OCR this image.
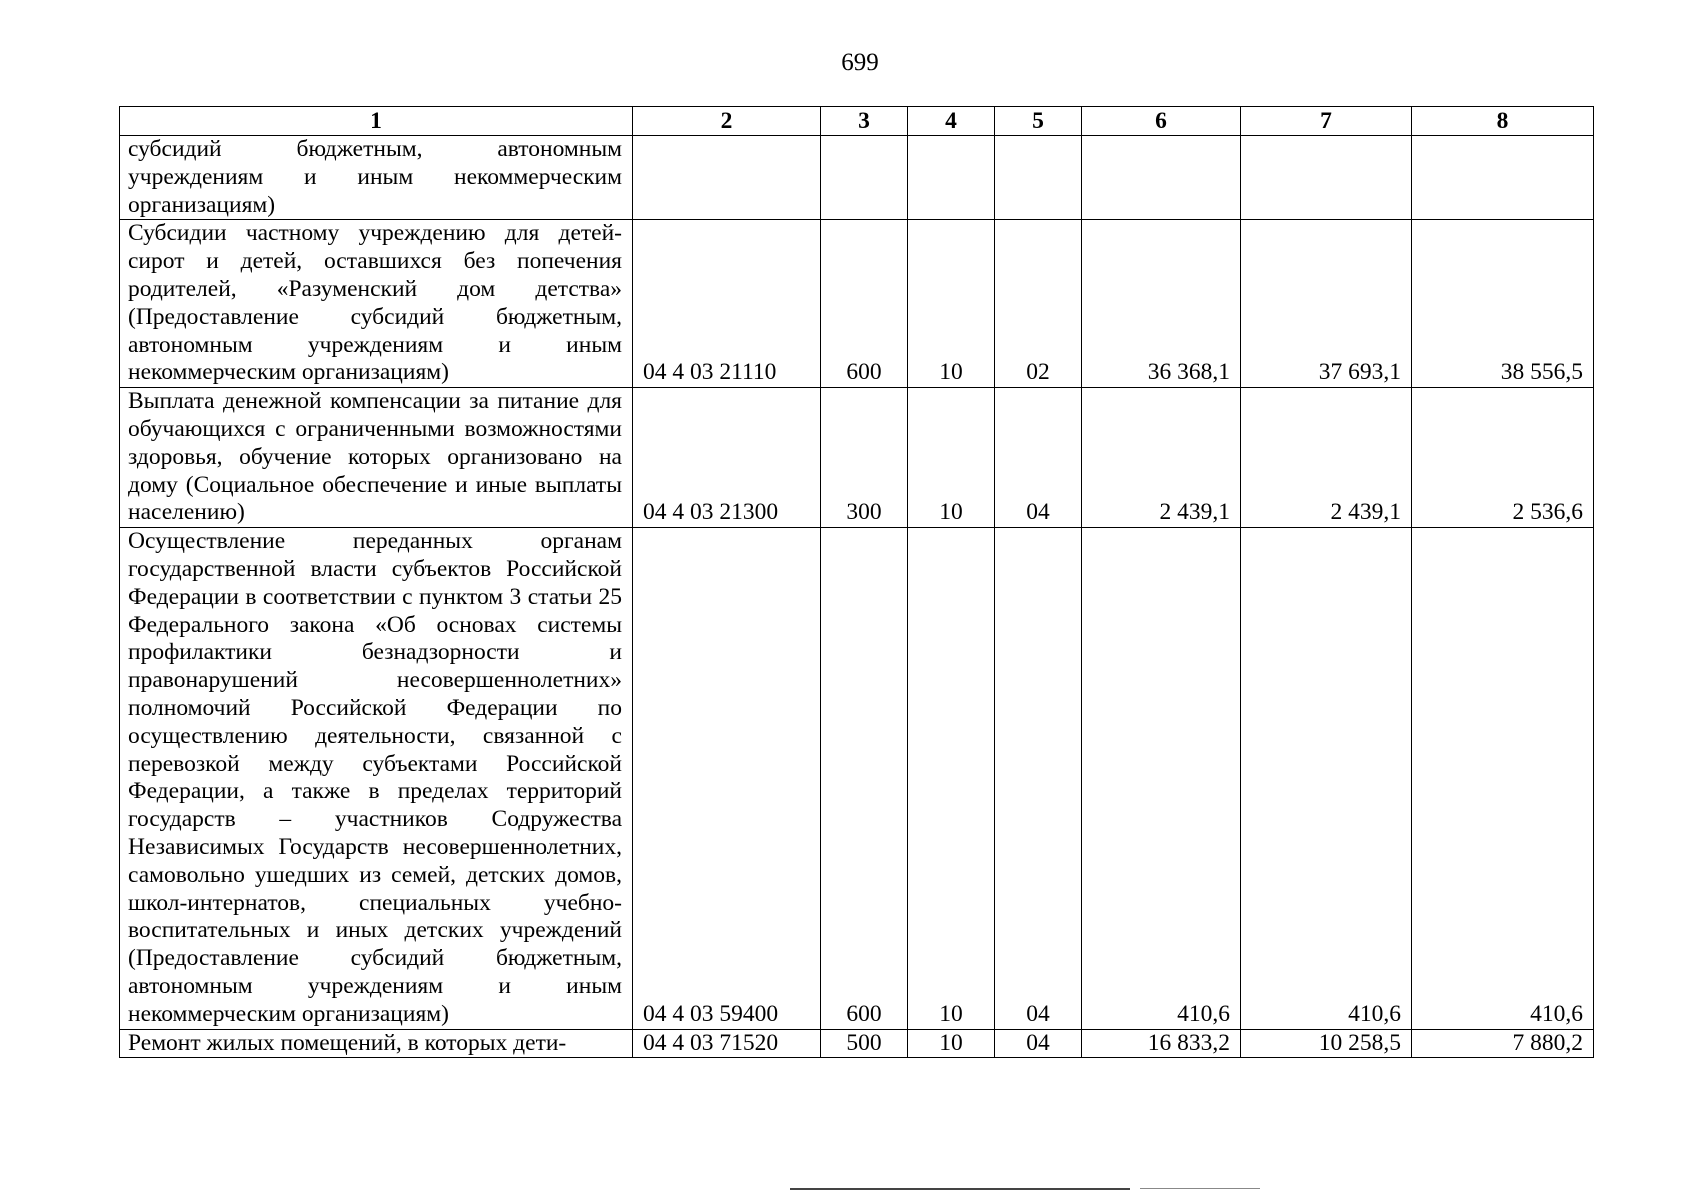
699
1	2	3	4	5	6	7	8
субсидий бюджетным, автономным учреждениям и иным некоммерческим организациям)							
Субсидии частному учреждению для детей-сирот и детей, оставшихся без попечения родителей, «Разуменский дом детства» (Предоставление субсидий бюджетным, автономным учреждениям и иным некоммерческим организациям)	04 4 03 21110	600	10	02	36 368,1	37 693,1	38 556,5
Выплата денежной компенсации за питание для обучающихся с ограниченными возможностями здоровья, обучение которых организовано на дому (Социальное обеспечение и иные выплаты населению)	04 4 03 21300	300	10	04	2 439,1	2 439,1	2 536,6
Осуществление переданных органам государственной власти субъектов Российской Федерации в соответствии с пунктом 3 статьи 25 Федерального закона «Об основах системы профилактики безнадзорности и правонарушений несовершеннолетних» полномочий Российской Федерации по осуществлению деятельности, связанной с перевозкой между субъектами Российской Федерации, а также в пределах территорий государств – участников Содружества Независимых Государств несовершеннолетних, самовольно ушедших из семей, детских домов, школ-интернатов, специальных учебно-воспитательных и иных детских учреждений (Предоставление субсидий бюджетным, автономным учреждениям и иным некоммерческим организациям)	04 4 03 59400	600	10	04	410,6	410,6	410,6
Ремонт жилых помещений, в которых дети-	04 4 03 71520	500	10	04	16 833,2	10 258,5	7 880,2
